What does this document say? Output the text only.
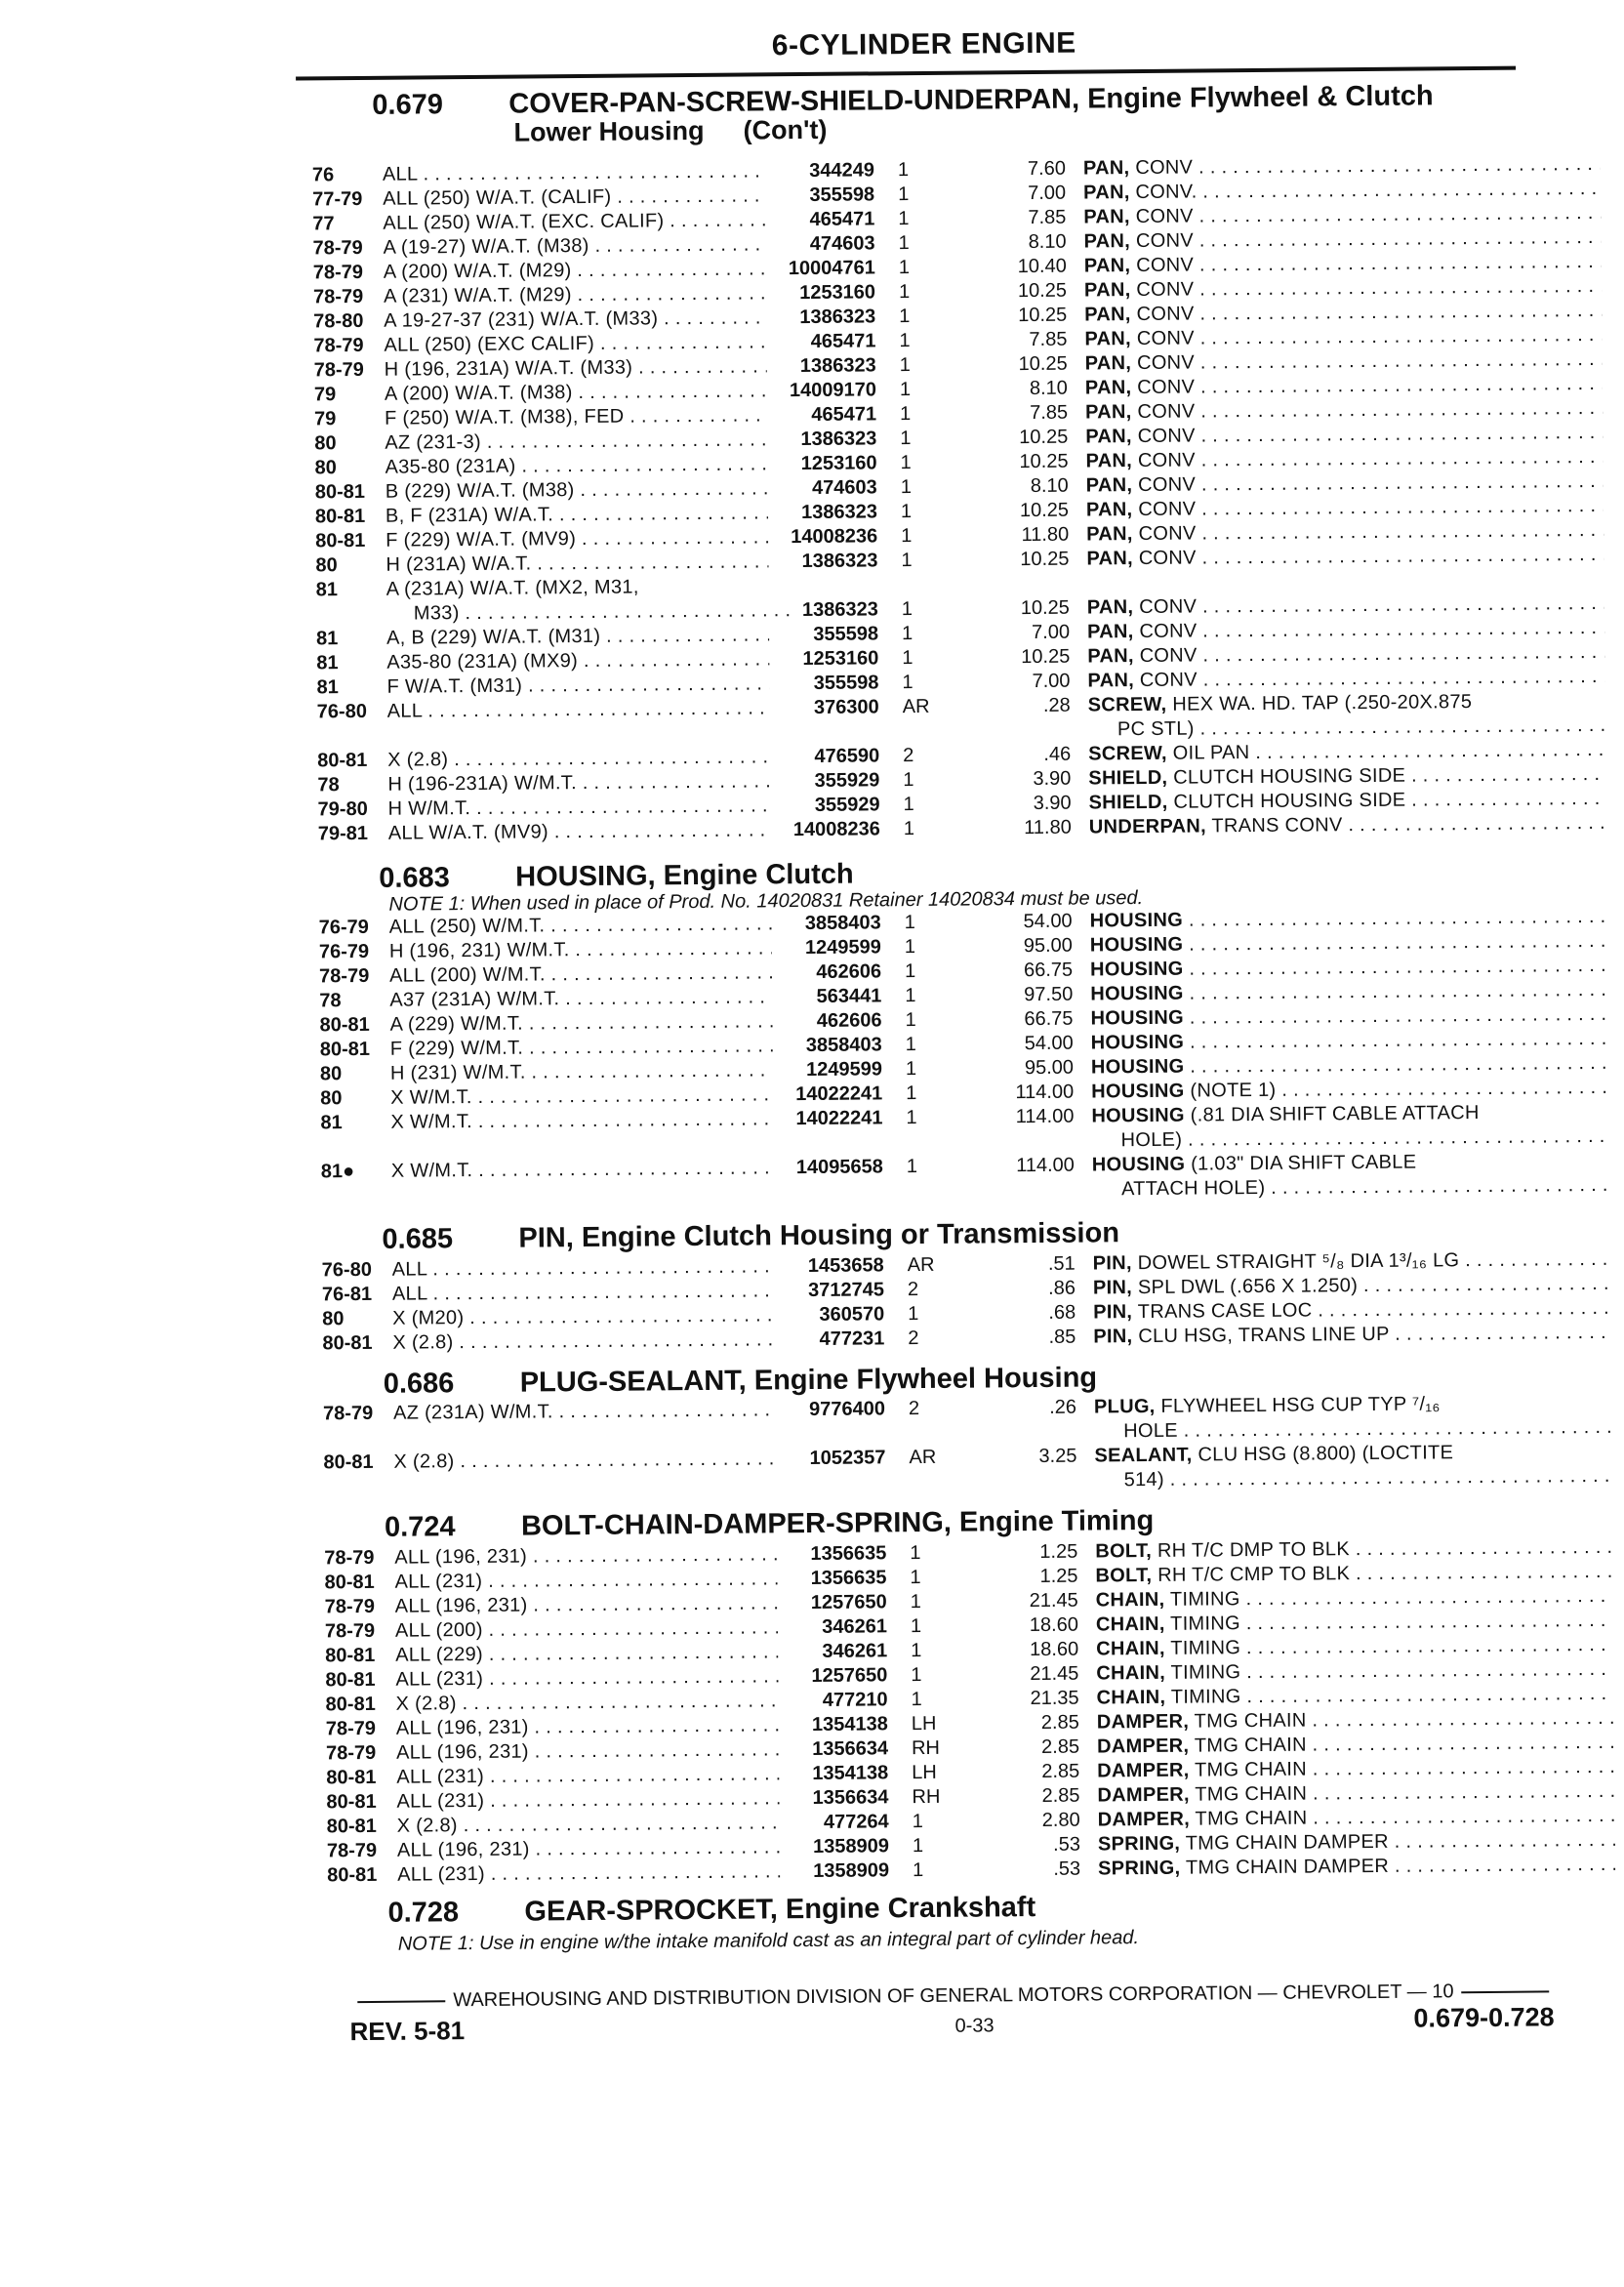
6-CYLINDER ENGINE
0.679 COVER-PAN-SCREW-SHIELD-UNDERPAN, Engine Flywheel & Clutch
Lower Housing (Con't)
76	ALL . . .	344249 1	7.60 PAN, CONV . . .
77-79	ALL (250) W/A.T. (CALIF) . . .	355598 1	7.00 PAN, CONV. . . .
77	ALL (250) W/A.T. (EXC. CALIF) . . .	465471 1	7.85 PAN, CONV . . .
78-79	A (19-27) W/A.T. (M38) . . .	474603 1	8.10 PAN, CONV . . .
78-79	A (200) W/A.T. (M29) . . .	10004761 1	10.40 PAN, CONV . . .
78-79	A (231) W/A.T. (M29) . . .	1253160 1	10.25 PAN, CONV . . .
78-80	A 19-27-37 (231) W/A.T. (M33) . . .	1386323 1	10.25 PAN, CONV . . .
78-79	ALL (250) (EXC CALIF) . . .	465471 1	7.85 PAN, CONV . . .
78-79	H (196, 231A) W/A.T. (M33) . . .	1386323 1	10.25 PAN, CONV . . .
79	A (200) W/A.T. (M38) . . .	14009170 1	8.10 PAN, CONV . . .
79	F (250) W/A.T. (M38), FED . . .	465471 1	7.85 PAN, CONV . . .
80	AZ (231-3) . . .	1386323 1	10.25 PAN, CONV . . .
80	A35-80 (231A) . . .	1253160 1	10.25 PAN, CONV . . .
80-81	B (229) W/A.T. (M38) . . .	474603 1	8.10 PAN, CONV . . .
80-81	B, F (231A) W/A.T. . . .	1386323 1	10.25 PAN, CONV . . .
80-81	F (229) W/A.T. (MV9) . . .	14008236 1	11.80 PAN, CONV . . .
80	H (231A) W/A.T. . . .	1386323 1	10.25 PAN, CONV . . .
81	A (231A) W/A.T. (MX2, M31,
M33) . . .	1386323 1	10.25 PAN, CONV . . .
81	A, B (229) W/A.T. (M31) . . .	355598 1	7.00 PAN, CONV . . .
81	A35-80 (231A) (MX9) . . .	1253160 1	10.25 PAN, CONV . . .
81	F W/A.T. (M31) . . .	355598 1	7.00 PAN, CONV . . .
76-80	ALL . . .	376300 AR	.28 SCREW, HEX WA. HD. TAP (.250-20X.875
PC STL) . . .
80-81	X (2.8) . . .	476590 2	.46 SCREW, OIL PAN . . .
78	H (196-231A) W/M.T. . . .	355929 1	3.90 SHIELD, CLUTCH HOUSING SIDE . . .
79-80	H W/M.T. . . .	355929 1	3.90 SHIELD, CLUTCH HOUSING SIDE . . .
79-81	ALL W/A.T. (MV9) . . .	14008236 1	11.80 UNDERPAN, TRANS CONV . . .
0.683 HOUSING, Engine Clutch
NOTE 1: When used in place of Prod. No. 14020831 Retainer 14020834 must be used.
76-79	ALL (250) W/M.T. . . .	3858403 1	54.00 HOUSING . . .
76-79	H (196, 231) W/M.T. . . .	1249599 1	95.00 HOUSING . . .
78-79	ALL (200) W/M.T. . . .	462606 1	66.75 HOUSING . . .
78	A37 (231A) W/M.T. . . .	563441 1	97.50 HOUSING . . .
80-81	A (229) W/M.T. . . .	462606 1	66.75 HOUSING . . .
80-81	F (229) W/M.T. . . .	3858403 1	54.00 HOUSING . . .
80	H (231) W/M.T. . . .	1249599 1	95.00 HOUSING . . .
80	X W/M.T. . . .	14022241 1	114.00 HOUSING (NOTE 1) . . .
81	X W/M.T. . . .	14022241 1	114.00 HOUSING (.81 DIA SHIFT CABLE ATTACH
HOLE) . . .
81●	X W/M.T. . . .	14095658 1	114.00 HOUSING (1.03" DIA SHIFT CABLE
ATTACH HOLE) . . .
0.685 PIN, Engine Clutch Housing or Transmission
76-80	ALL . . .	1453658 AR	.51 PIN, DOWEL STRAIGHT ⁵/₈ DIA 1³/₁₆ LG . . .
76-81	ALL . . .	3712745 2	.86 PIN, SPL DWL (.656 X 1.250) . . .
80	X (M20) . . .	360570 1	.68 PIN, TRANS CASE LOC . . .
80-81	X (2.8) . . .	477231 2	.85 PIN, CLU HSG, TRANS LINE UP . . .
0.686 PLUG-SEALANT, Engine Flywheel Housing
78-79	AZ (231A) W/M.T. . . .	9776400 2	.26 PLUG, FLYWHEEL HSG CUP TYP ⁷/₁₆
HOLE . . .
80-81	X (2.8) . . .	1052357 AR	3.25 SEALANT, CLU HSG (8.800) (LOCTITE
514) . . .
0.724 BOLT-CHAIN-DAMPER-SPRING, Engine Timing
78-79	ALL (196, 231) . . .	1356635 1	1.25 BOLT, RH T/C DMP TO BLK . . .
80-81	ALL (231) . . .	1356635 1	1.25 BOLT, RH T/C CMP TO BLK . . .
78-79	ALL (196, 231) . . .	1257650 1	21.45 CHAIN, TIMING . . .
78-79	ALL (200) . . .	346261 1	18.60 CHAIN, TIMING . . .
80-81	ALL (229) . . .	346261 1	18.60 CHAIN, TIMING . . .
80-81	ALL (231) . . .	1257650 1	21.45 CHAIN, TIMING . . .
80-81	X (2.8) . . .	477210 1	21.35 CHAIN, TIMING . . .
78-79	ALL (196, 231) . . .	1354138 LH	2.85 DAMPER, TMG CHAIN . . .
78-79	ALL (196, 231) . . .	1356634 RH	2.85 DAMPER, TMG CHAIN . . .
80-81	ALL (231) . . .	1354138 LH	2.85 DAMPER, TMG CHAIN . . .
80-81	ALL (231) . . .	1356634 RH	2.85 DAMPER, TMG CHAIN . . .
80-81	X (2.8) . . .	477264 1	2.80 DAMPER, TMG CHAIN . . .
78-79	ALL (196, 231) . . .	1358909 1	.53 SPRING, TMG CHAIN DAMPER . . .
80-81	ALL (231) . . .	1358909 1	.53 SPRING, TMG CHAIN DAMPER . . .
0.728 GEAR-SPROCKET, Engine Crankshaft
NOTE 1: Use in engine w/the intake manifold cast as an integral part of cylinder head.
WAREHOUSING AND DISTRIBUTION DIVISION OF GENERAL MOTORS CORPORATION — CHEVROLET — 10
REV. 5-81	0-33	0.679-0.728
